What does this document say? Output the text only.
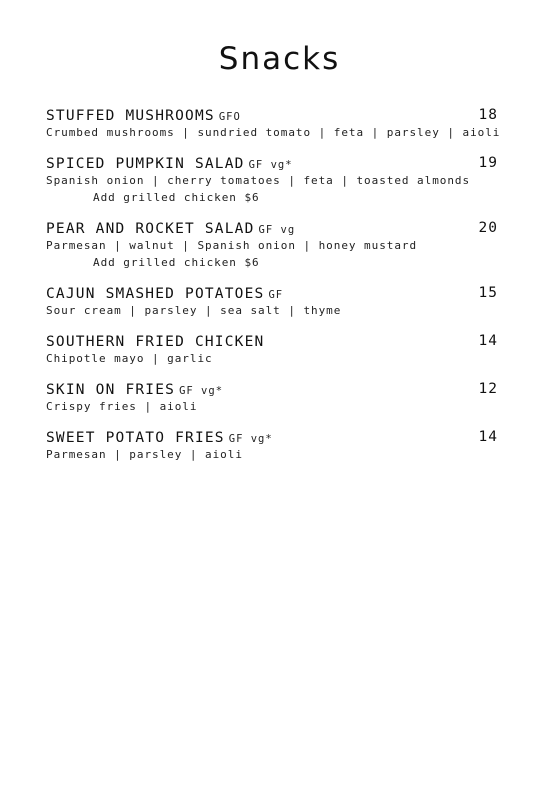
Snacks
STUFFED MUSHROOMS GFO	18
Crumbed mushrooms | sundried tomato | feta | parsley | aioli
SPICED PUMPKIN SALAD GF vg*	19
Spanish onion | cherry tomatoes | feta | toasted almonds
Add grilled chicken $6
PEAR AND ROCKET SALAD GF vg	20
Parmesan | walnut | Spanish onion | honey mustard
Add grilled chicken $6
CAJUN SMASHED POTATOES GF	15
Sour cream | parsley | sea salt | thyme
SOUTHERN FRIED CHICKEN	14
Chipotle mayo | garlic
SKIN ON FRIES GF vg*	12
Crispy fries | aioli
SWEET POTATO FRIES GF vg*	14
Parmesan | parsley | aioli
